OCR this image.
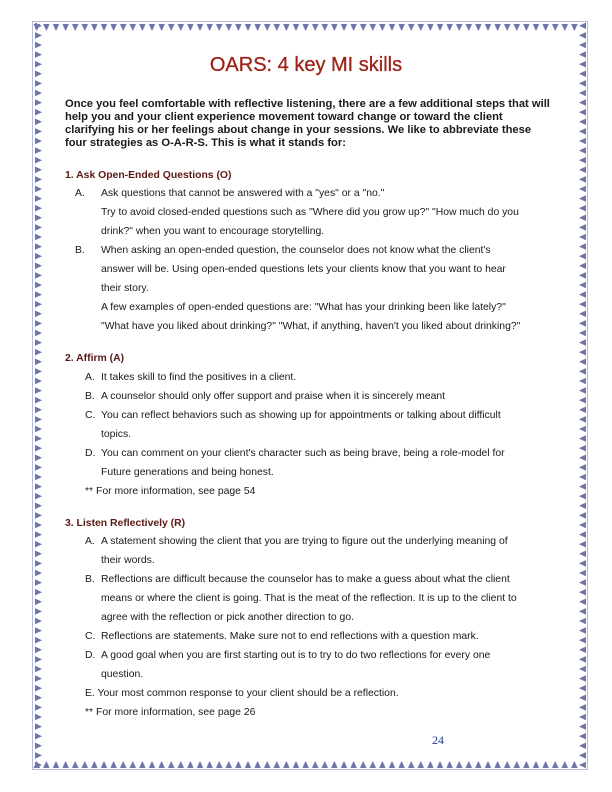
OARS: 4 key MI skills

Once you feel comfortable with reflective listening, there are a few additional steps that will help you and your client experience movement toward change or toward the client clarifying his or her feelings about change in your sessions. We like to abbreviate these four strategies as O-A-R-S. This is what it stands for:

1. Ask Open-Ended Questions (O)
A. Ask questions that cannot be answered with a "yes" or a "no."
Try to avoid closed-ended questions such as "Where did you grow up?" "How much do you
drink?" when you want to encourage storytelling.
B. When asking an open-ended question, the counselor does not know what the client's
answer will be. Using open-ended questions lets your clients know that you want to hear
their story.
A few examples of open-ended questions are: "What has your drinking been like lately?"
"What have you liked about drinking?" "What, if anything, haven't you liked about drinking?"
2. Affirm (A)
A. It takes skill to find the positives in a client.
B. A counselor should only offer support and praise when it is sincerely meant
C. You can reflect behaviors such as showing up for appointments or talking about difficult
topics.
D. You can comment on your client's character such as being brave, being a role-model for
Future generations and being honest.
** For more information, see page 54
3. Listen Reflectively (R)
A. A statement showing the client that you are trying to figure out the underlying meaning of
their words.
B. Reflections are difficult because the counselor has to make a guess about what the client
means or where the client is going. That is the meat of the reflection. It is up to the client to
agree with the reflection or pick another direction to go.
C. Reflections are statements. Make sure not to end reflections with a question mark.
D. A good goal when you are first starting out is to try to do two reflections for every one
question.
E. Your most common response to your client should be a reflection.
** For more information, see page 26
24
